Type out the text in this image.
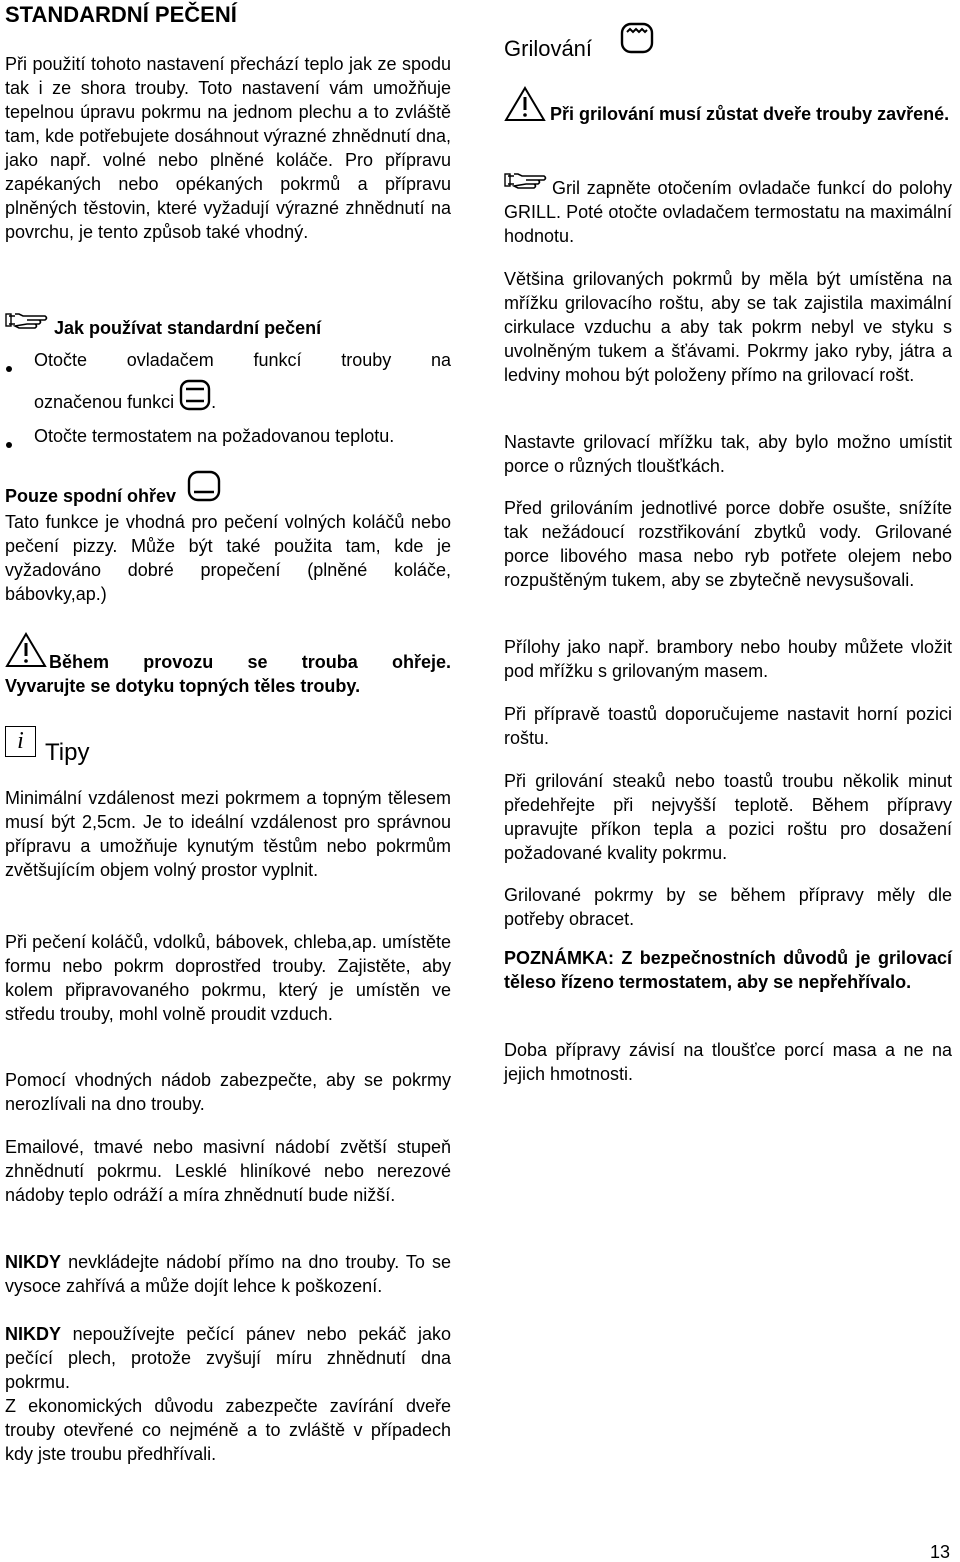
STANDARDNÍ PEČENÍ

Při použití tohoto nastavení přechází teplo jak ze spodu tak i ze shora trouby. Toto nastavení vám umožňuje tepelnou úpravu pokrmu na jednom plechu a to zvláště tam, kde potřebujete dosáhnout výrazné zhnědnutí dna, jako např. volné nebo plněné koláče. Pro přípravu zapékaných nebo opékaných pokrmů a přípravu plněných těstovin, které vyžadují výrazné zhnědnutí na povrchu, je tento způsob také vhodný.

Jak používat standardní pečení
Otočte ovladačem funkcí trouby na
označenou funkci .
Otočte termostatem na požadovanou teplotu.
Pouze spodní ohřev

Tato funkce je vhodná pro pečení volných koláčů nebo pečení pizzy. Může být také použita tam, kde je vyžadováno dobré propečení (plněné koláče, bábovky,ap.)

Během provozu se trouba ohřeje.
Vyvarujte se dotyku topných těles trouby.
i Tipy

Minimální vzdálenost mezi pokrmem a topným tělesem musí být 2,5cm. Je to ideální vzdálenost pro správnou přípravu a umožňuje kynutým těstům nebo pokrmům zvětšujícím objem volný prostor vyplnit.

Při pečení koláčů, vdolků, bábovek, chleba,ap. umístěte formu nebo pokrm doprostřed trouby. Zajistěte, aby kolem připravovaného pokrmu, který je umístěn ve středu trouby, mohl volně proudit vzduch.

Pomocí vhodných nádob zabezpečte, aby se pokrmy nerozlívali na dno trouby.

Emailové, tmavé nebo masivní nádobí zvětší stupeň zhnědnutí pokrmu. Lesklé hliníkové nebo nerezové nádoby teplo odráží a míra zhnědnutí bude nižší.

NIKDY nevkládejte nádobí přímo na dno trouby. To se vysoce zahřívá a může dojít lehce k poškození.

NIKDY nepoužívejte pečící pánev nebo pekáč jako pečící plech, protože zvyšují míru zhnědnutí dna pokrmu.

Z ekonomických důvodu zabezpečte zavírání dveře trouby otevřené co nejméně a to zvláště v případech kdy jste troubu předhřívali.

Grilování

Při grilování musí zůstat dveře trouby zavřené.

Gril zapněte otočením ovladače funkcí do polohy GRILL. Poté otočte ovladačem termostatu na maximální hodnotu.

Většina grilovaných pokrmů by měla být umístěna na mřížku grilovacího roštu, aby se tak zajistila maximální cirkulace vzduchu a aby tak pokrm nebyl ve styku s uvolněným tukem a šťávami. Pokrmy jako ryby, játra a ledviny mohou být položeny přímo na grilovací rošt.

Nastavte grilovací mřížku tak, aby bylo možno umístit porce o různých tloušťkách.

Před grilováním jednotlivé porce dobře osušte, snížíte tak nežádoucí rozstřikování zbytků vody. Grilované porce libového masa nebo ryb potřete olejem nebo rozpuštěným tukem, aby se zbytečně nevysušovali.

Přílohy jako např. brambory nebo houby můžete vložit pod mřížku s grilovaným masem.

Při přípravě toastů doporučujeme nastavit horní pozici roštu.

Při grilování steaků nebo toastů troubu několik minut předehřejte při nejvyšší teplotě. Během přípravy upravujte příkon tepla a pozici roštu pro dosažení požadované kvality pokrmu.

Grilované pokrmy by se během přípravy měly dle potřeby obracet.

POZNÁMKA: Z bezpečnostních důvodů je grilovací těleso řízeno termostatem, aby se nepřehřívalo.

Doba přípravy závisí na tloušťce porcí masa a ne na jejich hmotnosti.

13
